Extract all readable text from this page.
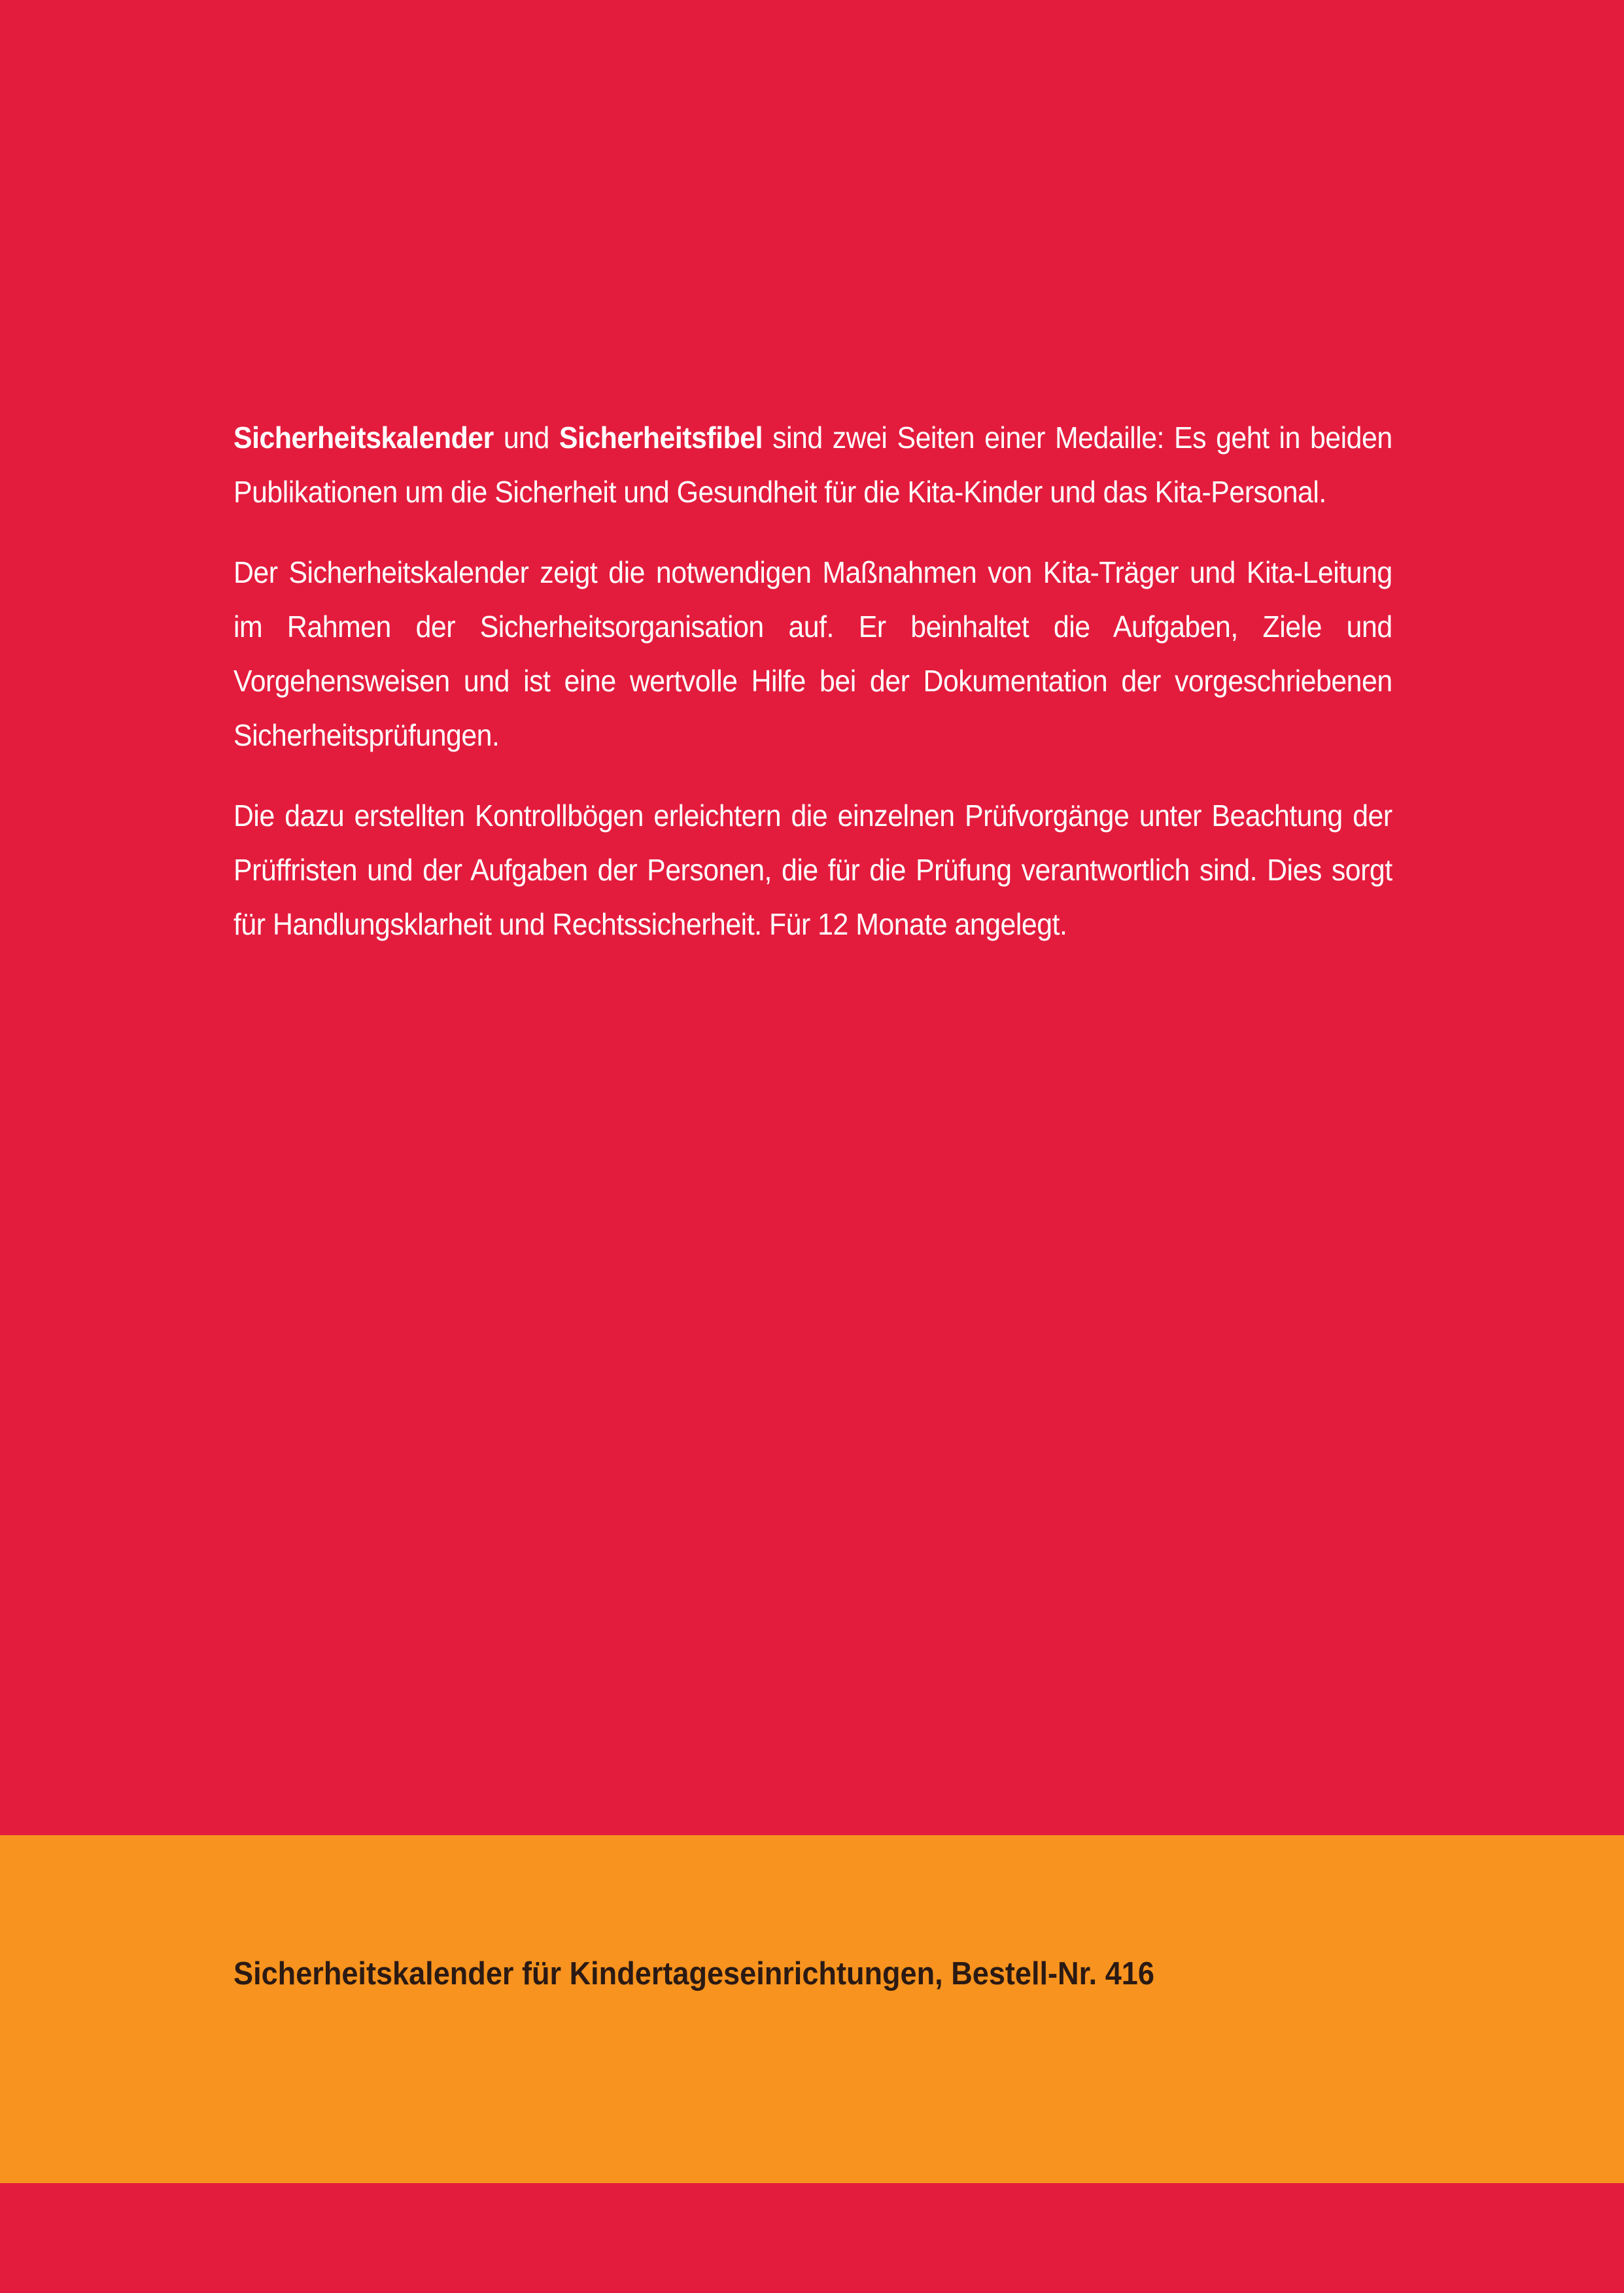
Sicherheitskalender und Sicherheitsfibel sind zwei Seiten einer Medaille: Es geht in beiden Publikationen um die Sicherheit und Gesundheit für die Kita-Kinder und das Kita-Personal.

Der Sicherheitskalender zeigt die notwendigen Maßnahmen von Kita-Träger und Kita-Leitung im Rahmen der Sicherheitsorganisation auf. Er beinhaltet die Aufgaben, Ziele und Vorgehensweisen und ist eine wertvolle Hilfe bei der Dokumentation der vorgeschriebenen Sicherheitsprüfungen.

Die dazu erstellten Kontrollbögen erleichtern die einzelnen Prüfvorgänge unter Beachtung der Prüffristen und der Aufgaben der Personen, die für die Prüfung verantwortlich sind. Dies sorgt für Handlungsklarheit und Rechtssicherheit. Für 12 Monate angelegt.

Sicherheitskalender für Kindertageseinrichtungen, Bestell-Nr. 416
